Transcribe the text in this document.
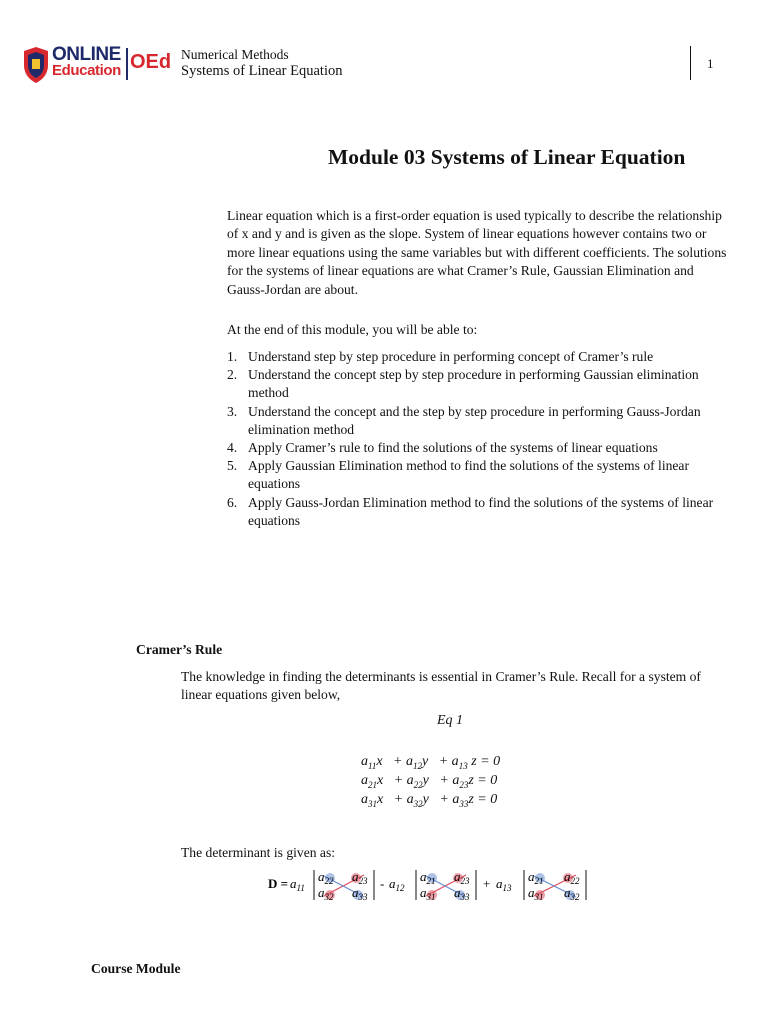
ONLINE
Education OEd Numerical Methods
Systems of Linear Equation	1
Module 03 Systems of Linear Equation
Linear equation which is a first-order equation is used typically to describe the relationship of x and y and is given as the slope. System of linear equations however contains two or more linear equations using the same variables but with different coefficients. The solutions for the systems of linear equations are what Cramer’s Rule, Gaussian Elimination and Gauss-Jordan are about.
At the end of this module, you will be able to:
1. Understand step by step procedure in performing concept of Cramer’s rule
2. Understand the concept step by step procedure in performing Gaussian elimination method
3. Understand the concept and the step by step procedure in performing Gauss-Jordan elimination method
4. Apply Cramer’s rule to find the solutions of the systems of linear equations
5. Apply Gaussian Elimination method to find the solutions of the systems of linear equations
6. Apply Gauss-Jordan Elimination method to find the solutions of the systems of linear equations
Cramer’s Rule
The knowledge in finding the determinants is essential in Cramer’s Rule. Recall for a system of linear equations given below,
Eq 1
$a_{11}x + a_{12}y + a_{13}$ z = 0
$a_{21}x + a_{22}y + a_{23}z = 0$
$a_{31}x + a_{32}y + a_{33}z = 0$
The determinant is given as:
$D = a_{11}$
$a_{22}$ $a_{23}$
$a_{32}$ $a_{33}$
- $a_{12}$
$a_{21}$ $a_{23}$
$a_{31}$ $a_{33}$
+ $a_{13}$
$a_{21}$ $a_{22}$
$a_{31}$ $a_{32}$
Course Module
